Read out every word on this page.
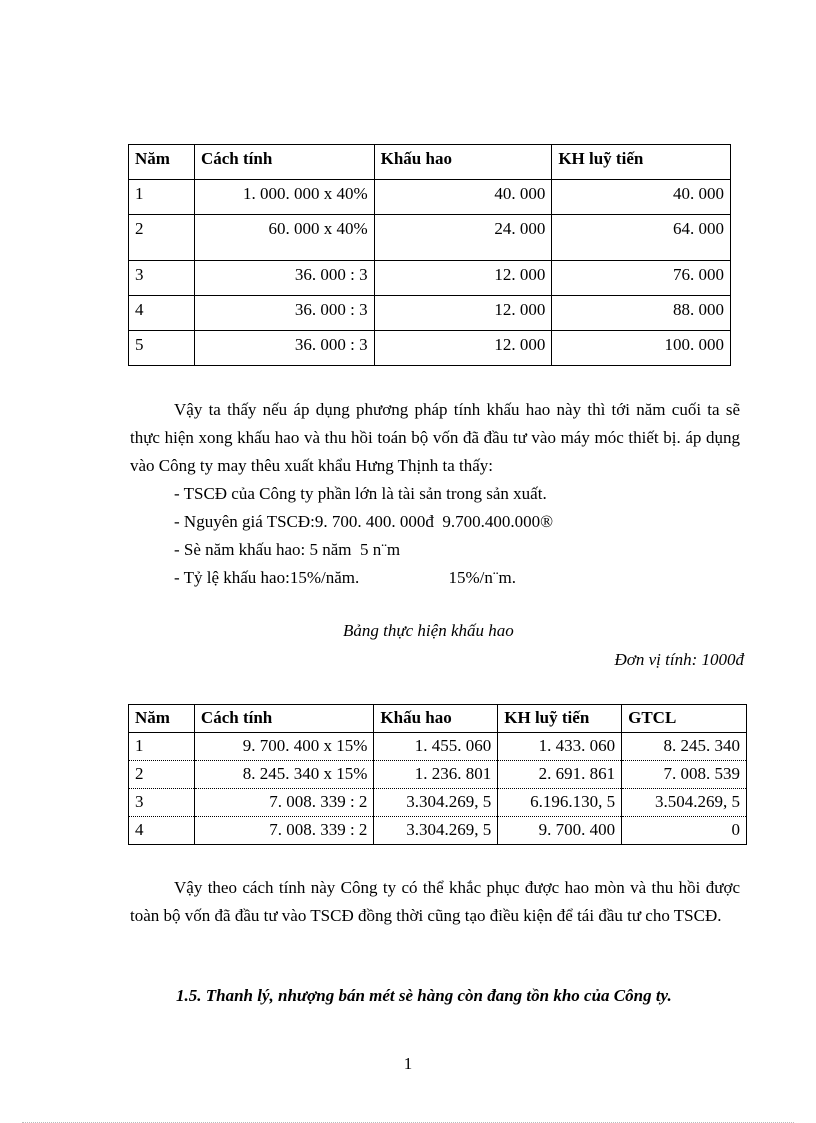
Năm	Cách tính	Khấu hao	KH luỹ tiến
1	1. 000. 000 x 40%	40. 000	40. 000
2	60. 000 x 40%	24. 000	64. 000
3	36. 000 : 3	12. 000	76. 000
4	36. 000 : 3	12. 000	88. 000
5	36. 000 : 3	12. 000	100. 000

Vậy ta thấy nếu áp dụng phương pháp tính khấu hao này thì tới năm cuối ta sẽ thực hiện xong khấu hao và thu hồi toán bộ vốn đã đầu tư vào máy móc thiết bị. áp dụng vào Công ty may thêu xuất khẩu Hưng Thịnh ta thấy:

- TSCĐ của Công ty phần lớn là tài sản trong sản xuất.

- Nguyên giá TSCĐ:9. 700. 400. 000đ  9.700.400.000®

- Sè năm khấu hao: 5 năm  5 n¨m

- Tỷ lệ khấu hao:15%/năm.                     15%/n¨m.

Bảng thực hiện khấu hao

Đơn vị tính: 1000đ

Năm	Cách tính	Khấu hao	KH luỹ tiến	GTCL
1	9. 700. 400 x 15%	1. 455. 060	1. 433. 060	8. 245. 340
2	8. 245. 340 x 15%	1. 236. 801	2. 691. 861	7. 008. 539
3	7. 008. 339 : 2	3.304.269, 5	6.196.130, 5	3.504.269, 5
4	7. 008. 339 : 2	3.304.269, 5	9. 700. 400	0

Vậy theo cách tính này Công ty có thể khắc phục được hao mòn và thu hồi được toàn bộ vốn đã đầu tư vào TSCĐ đồng thời cũng tạo điều kiện để tái đầu tư cho TSCĐ.

1.5. Thanh lý, nhượng bán mét sè hàng còn đang tồn kho của Công ty.

1
